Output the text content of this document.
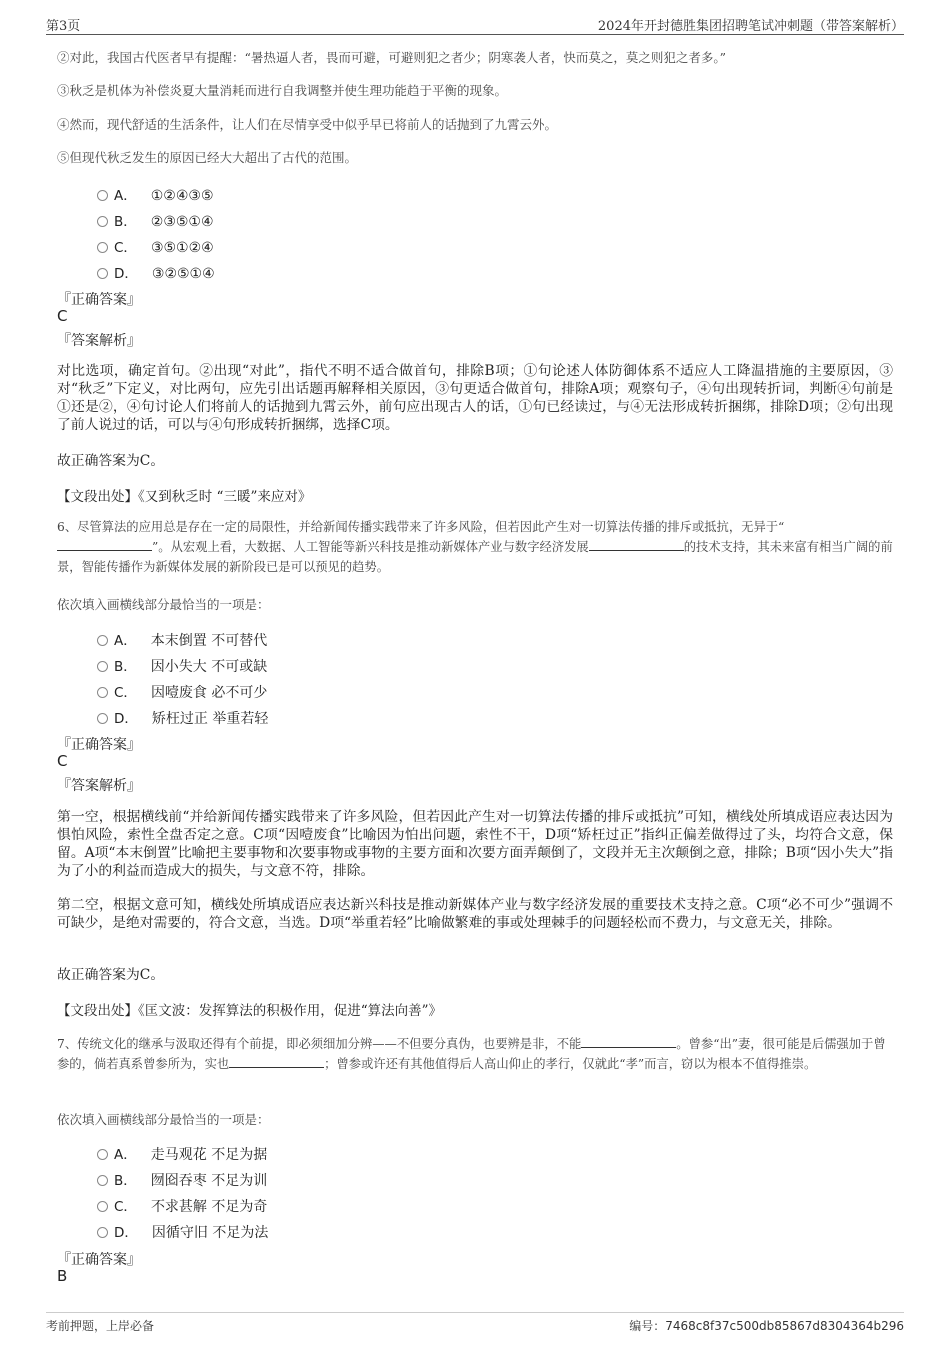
第3页	2024年开封德胜集团招聘笔试冲刺题（带答案解析）
②对此，我国古代医者早有提醒：“暑热逼人者，畏而可避，可避则犯之者少；阴寒袭人者，快而莫之，莫之则犯之者多。”
③秋乏是机体为补偿炎夏大量消耗而进行自我调整并使生理功能趋于平衡的现象。
④然而，现代舒适的生活条件，让人们在尽情享受中似乎早已将前人的话抛到了九霄云外。
⑤但现代秋乏发生的原因已经大大超出了古代的范围。
A． ①②④③⑤
B． ②③⑤①④
C． ③⑤①②④
D． ③②⑤①④
『正确答案』
C
『答案解析』
对比选项，确定首句。②出现“对此”，指代不明不适合做首句，排除B项；①句论述人体防御体系不适应人工降温措施的主要原因，③对“秋乏”下定义，对比两句，应先引出话题再解释相关原因，③句更适合做首句，排除A项；观察句子，④句出现转折词，判断④句前是①还是②，④句讨论人们将前人的话抛到九霄云外，前句应出现古人的话，①句已经读过，与④无法形成转折捆绑，排除D项；②句出现了前人说过的话，可以与④句形成转折捆绑，选择C项。
故正确答案为C。
【文段出处】《又到秋乏时 “三暖”来应对》
6、尽管算法的应用总是存在一定的局限性，并给新闻传播实践带来了许多风险，但若因此产生对一切算法传播的排斥或抵抗，无异于“
”。从宏观上看，大数据、人工智能等新兴科技是推动新媒体产业与数字经济发展	的技术支持，其未来富有相当广阔的前景，智能传播作为新媒体发展的新阶段已是可以预见的趋势。
依次填入画横线部分最恰当的一项是：
A． 本末倒置 不可替代
B． 因小失大 不可或缺
C． 因噎废食 必不可少
D． 矫枉过正 举重若轻
『正确答案』
C
『答案解析』
第一空，根据横线前“并给新闻传播实践带来了许多风险，但若因此产生对一切算法传播的排斥或抵抗”可知，横线处所填成语应表达因为惧怕风险，索性全盘否定之意。C项“因噎废食”比喻因为怕出问题，索性不干，D项“矫枉过正”指纠正偏差做得过了头，均符合文意，保留。A项“本末倒置”比喻把主要事物和次要事物或事物的主要方面和次要方面弄颠倒了，文段并无主次颠倒之意，排除；B项“因小失大”指为了小的利益而造成大的损失，与文意不符，排除。
第二空，根据文意可知，横线处所填成语应表达新兴科技是推动新媒体产业与数字经济发展的重要技术支持之意。C项“必不可少”强调不可缺少，是绝对需要的，符合文意，当选。D项“举重若轻”比喻做繁难的事或处理棘手的问题轻松而不费力，与文意无关，排除。
故正确答案为C。
【文段出处】《匡文波：发挥算法的积极作用，促进“算法向善”》
7、传统文化的继承与汲取还得有个前提，即必须细加分辨——不但要分真伪，也要辨是非，不能	。曾参“出”妻，很可能是后儒强加于曾参的，倘若真系曾参所为，实也	；曾参或许还有其他值得后人高山仰止的孝行，仅就此“孝”而言，窃以为根本不值得推崇。
依次填入画横线部分最恰当的一项是：
A． 走马观花 不足为据
B． 囫囵吞枣 不足为训
C． 不求甚解 不足为奇
D． 因循守旧 不足为法
『正确答案』
B
考前押题，上岸必备	编号：7468c8f37c500db85867d8304364b296
